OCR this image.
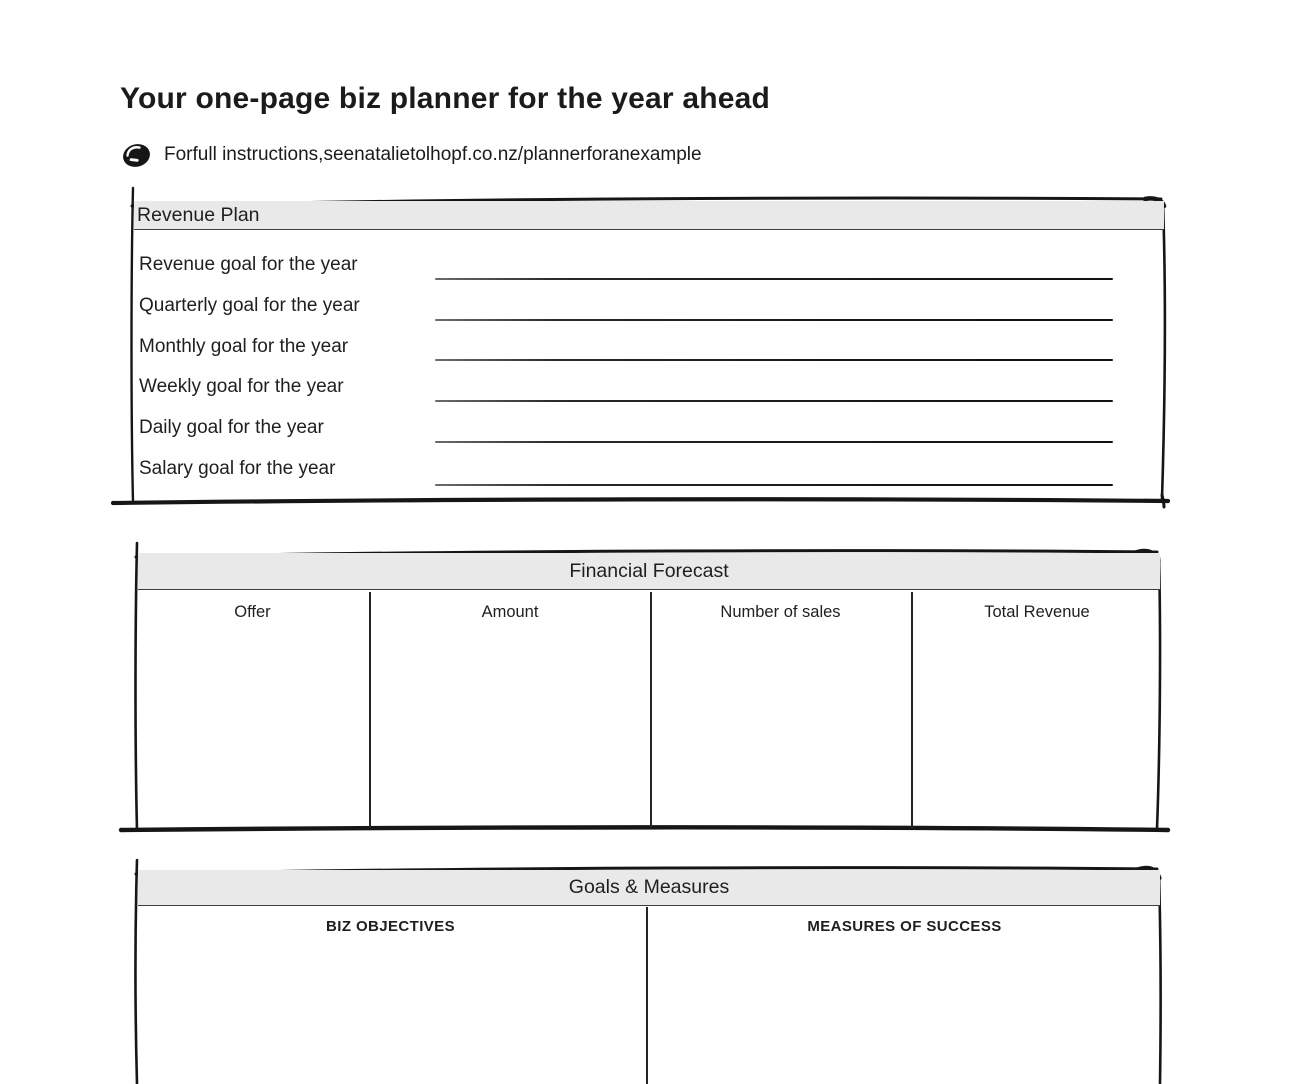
Your one-page biz planner for the year ahead
Forfull instructions,seenatalietolhopf.co.nz/plannerforanexample
Revenue Plan
Revenue goal for the year
Quarterly goal for the year
Monthly goal for the year
Weekly goal for the year
Daily goal for the year
Salary goal for the year
Financial Forecast
Offer	Amount	Number of sales	Total Revenue
Goals & Measures
BIZ OBJECTIVES	MEASURES OF SUCCESS
